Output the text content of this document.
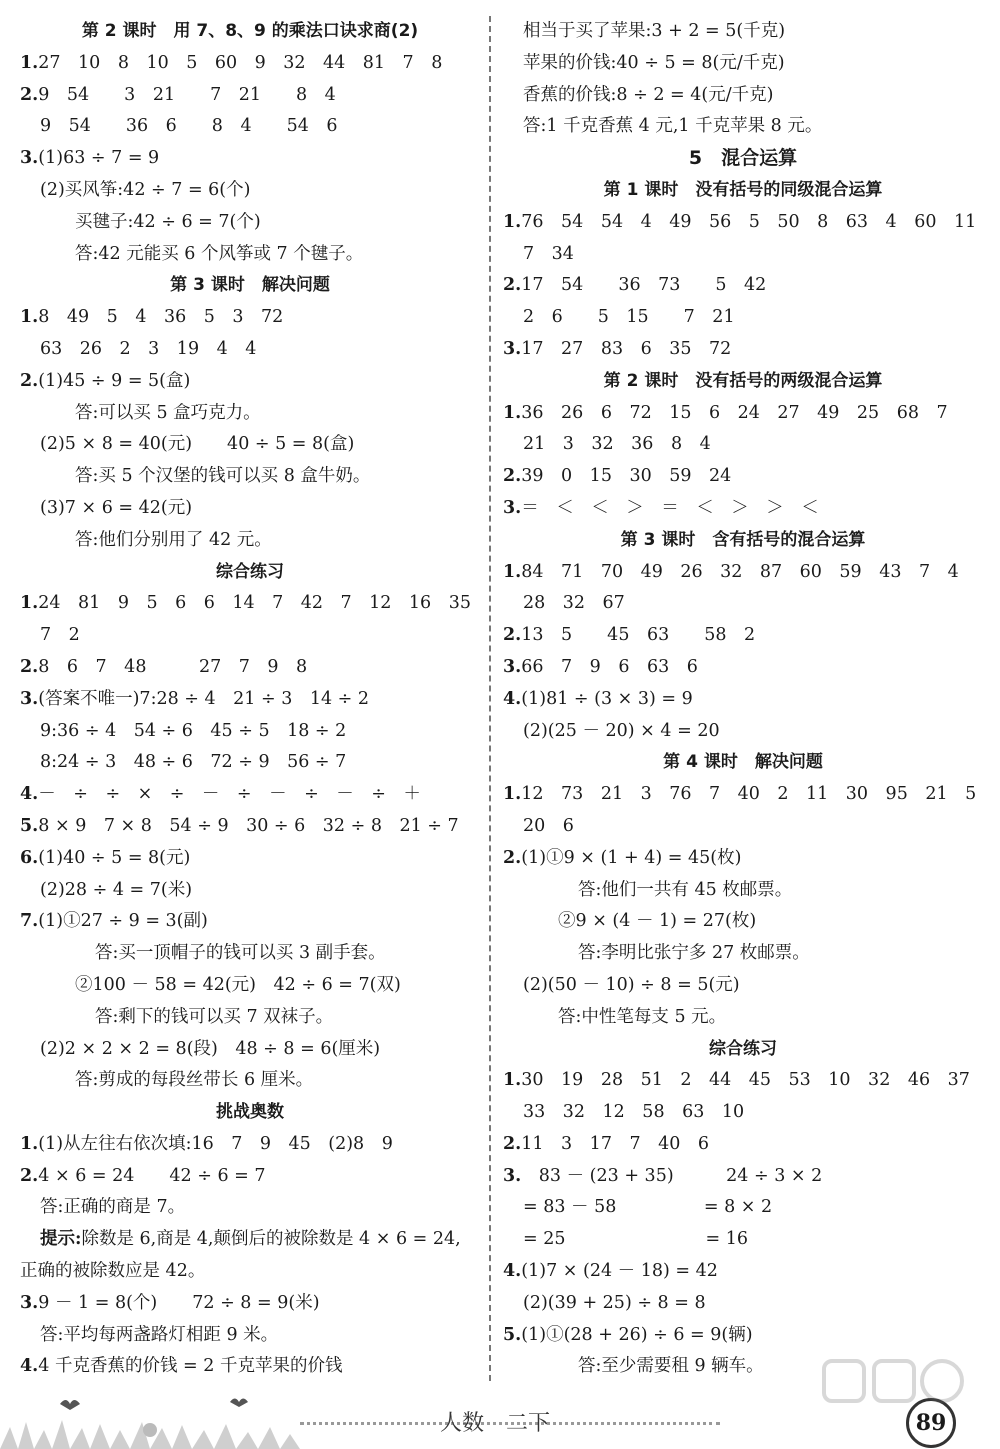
第 2 课时　用 7、8、9 的乘法口诀求商(2)
1.27　10　8　10　5　60　9　32　44　81　7　8
2.9　54　　3　21　　7　21　　8　4
9　54　　36　6　　8　4　　54　6
3.(1)63 ÷ 7 = 9
(2)买风筝:42 ÷ 7 = 6(个)
买毽子:42 ÷ 6 = 7(个)
答:42 元能买 6 个风筝或 7 个毽子。
第 3 课时　解决问题
1.8　49　5　4　36　5　3　72
63　26　2　3　19　4　4
2.(1)45 ÷ 9 = 5(盒)
答:可以买 5 盒巧克力。
(2)5 × 8 = 40(元)　　40 ÷ 5 = 8(盒)
答:买 5 个汉堡的钱可以买 8 盒牛奶。
(3)7 × 6 = 42(元)
答:他们分别用了 42 元。
综合练习
1.24　81　9　5　6　6　14　7　42　7　12　16　35
7　2
2.8　6　7　48　　　27　7　9　8
3.(答案不唯一)7:28 ÷ 4　21 ÷ 3　14 ÷ 2
9:36 ÷ 4　54 ÷ 6　45 ÷ 5　18 ÷ 2
8:24 ÷ 3　48 ÷ 6　72 ÷ 9　56 ÷ 7
4.－　÷　÷　×　÷　－　÷　－　÷　－　÷　＋
5.8 × 9　7 × 8　54 ÷ 9　30 ÷ 6　32 ÷ 8　21 ÷ 7
6.(1)40 ÷ 5 = 8(元)
(2)28 ÷ 4 = 7(米)
7.(1)①27 ÷ 9 = 3(副)
答:买一顶帽子的钱可以买 3 副手套。
②100 － 58 = 42(元)　42 ÷ 6 = 7(双)
答:剩下的钱可以买 7 双袜子。
(2)2 × 2 × 2 = 8(段)　48 ÷ 8 = 6(厘米)
答:剪成的每段丝带长 6 厘米。
挑战奥数
1.(1)从左往右依次填:16　7　9　45　(2)8　9
2.4 × 6 = 24　　42 ÷ 6 = 7
答:正确的商是 7。
提示:除数是 6,商是 4,颠倒后的被除数是 4 × 6 = 24,
正确的被除数应是 42。
3.9 － 1 = 8(个)　　72 ÷ 8 = 9(米)
答:平均每两盏路灯相距 9 米。
4.4 千克香蕉的价钱 = 2 千克苹果的价钱
相当于买了苹果:3 + 2 = 5(千克)
苹果的价钱:40 ÷ 5 = 8(元/千克)
香蕉的价钱:8 ÷ 2 = 4(元/千克)
答:1 千克香蕉 4 元,1 千克苹果 8 元。
5　混合运算
第 1 课时　没有括号的同级混合运算
1.76　54　54　4　49　56　5　50　8　63　4　60　11
7　34
2.17　54　　36　73　　5　42
2　6　　5　15　　7　21
3.17　27　83　6　35　72
第 2 课时　没有括号的两级混合运算
1.36　26　6　72　15　6　24　27　49　25　68　7
21　3　32　36　8　4
2.39　0　15　30　59　24
3.＝　＜　＜　＞　＝　＜　＞　＞　＜
第 3 课时　含有括号的混合运算
1.84　71　70　49　26　32　87　60　59　43　7　4
28　32　67
2.13　5　　45　63　　58　2
3.66　7　9　6　63　6
4.(1)81 ÷ (3 × 3) = 9
(2)(25 － 20) × 4 = 20
第 4 课时　解决问题
1.12　73　21　3　76　7　40　2　11　30　95　21　5
20　6
2.(1)①9 × (1 + 4) = 45(枚)
答:他们一共有 45 枚邮票。
②9 × (4 － 1) = 27(枚)
答:李明比张宁多 27 枚邮票。
(2)(50 － 10) ÷ 8 = 5(元)
答:中性笔每支 5 元。
综合练习
1.30　19　28　51　2　44　45　53　10　32　46　37
33　32　12　58　63　10
2.11　3　17　7　40　6
3.　83 － (23 + 35)　　　24 ÷ 3 × 2
= 83 － 58　　　　　= 8 × 2
= 25　　　　　　　　= 16
4.(1)7 × (24 － 18) = 42
(2)(39 + 25) ÷ 8 = 8
5.(1)①(28 + 26) ÷ 6 = 9(辆)
答:至少需要租 9 辆车。
人数　二下	89
